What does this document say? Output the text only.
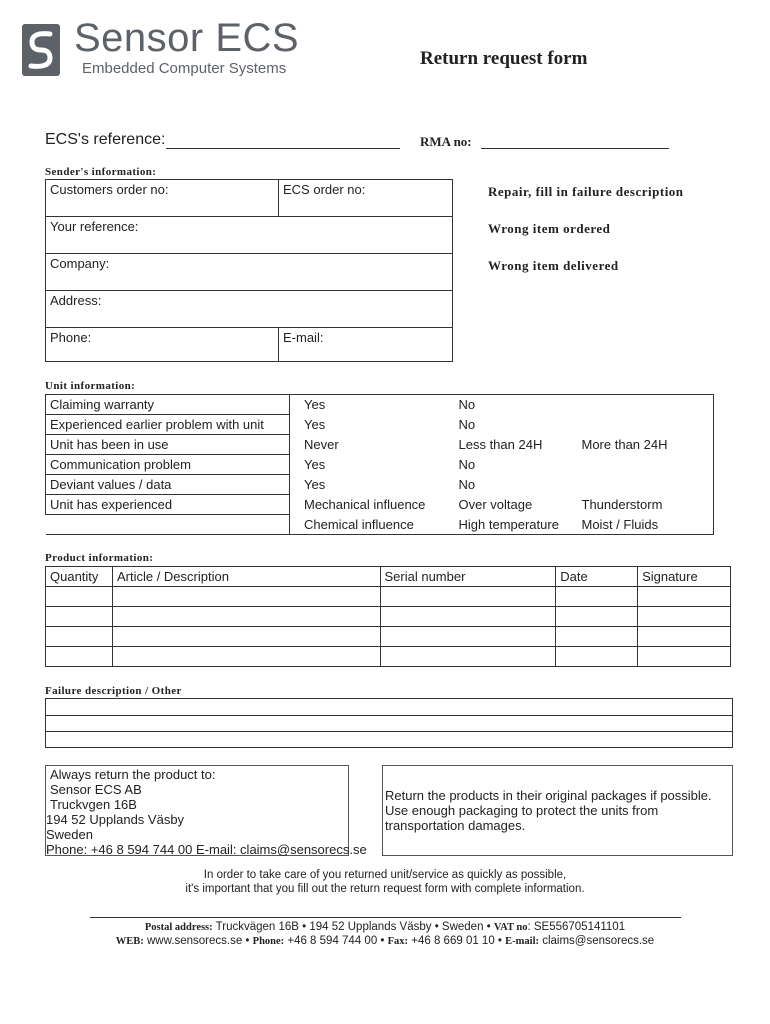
Sensor ECS
Embedded Computer Systems	Return request form
ECS's reference:	RMA no:
Sender's information:
Customers order no:	ECS order no:
Your reference:
Company:
Address:
Phone:	E-mail:
Repair, fill in failure description
Wrong item ordered
Wrong item delivered
Unit information:
Claiming warranty	Yes	No	
Experienced earlier problem with unit	Yes	No	
Unit has been in use	Never	Less than 24H	More than 24H
Communication problem	Yes	No	
Deviant values / data	Yes	No	
Unit has experienced	Mechanical influence	Over voltage	Thunderstorm
	Chemical influence	High temperature	Moist / Fluids
Product information:
Quantity	Article / Description	Serial number	Date	Signature

Failure description / Other
Always return the product to:
Sensor ECS AB
Truckvgen 16B
194 52 Upplands Väsby
Sweden
Phone: +46 8 594 744 00 E-mail: claims@sensorecs.se
Return the products in their original packages if possible. Use enough packaging to protect the units from transportation damages.
In order to take care of you returned unit/service as quickly as possible,
it's important that you fill out the return request form with complete information.
Postal address: Truckvägen 16B • 194 52 Upplands Väsby • Sweden • VAT no: SE556705141101
WEB: www.sensorecs.se • Phone: +46 8 594 744 00 • Fax: +46 8 669 01 10 • E-mail: claims@sensorecs.se
